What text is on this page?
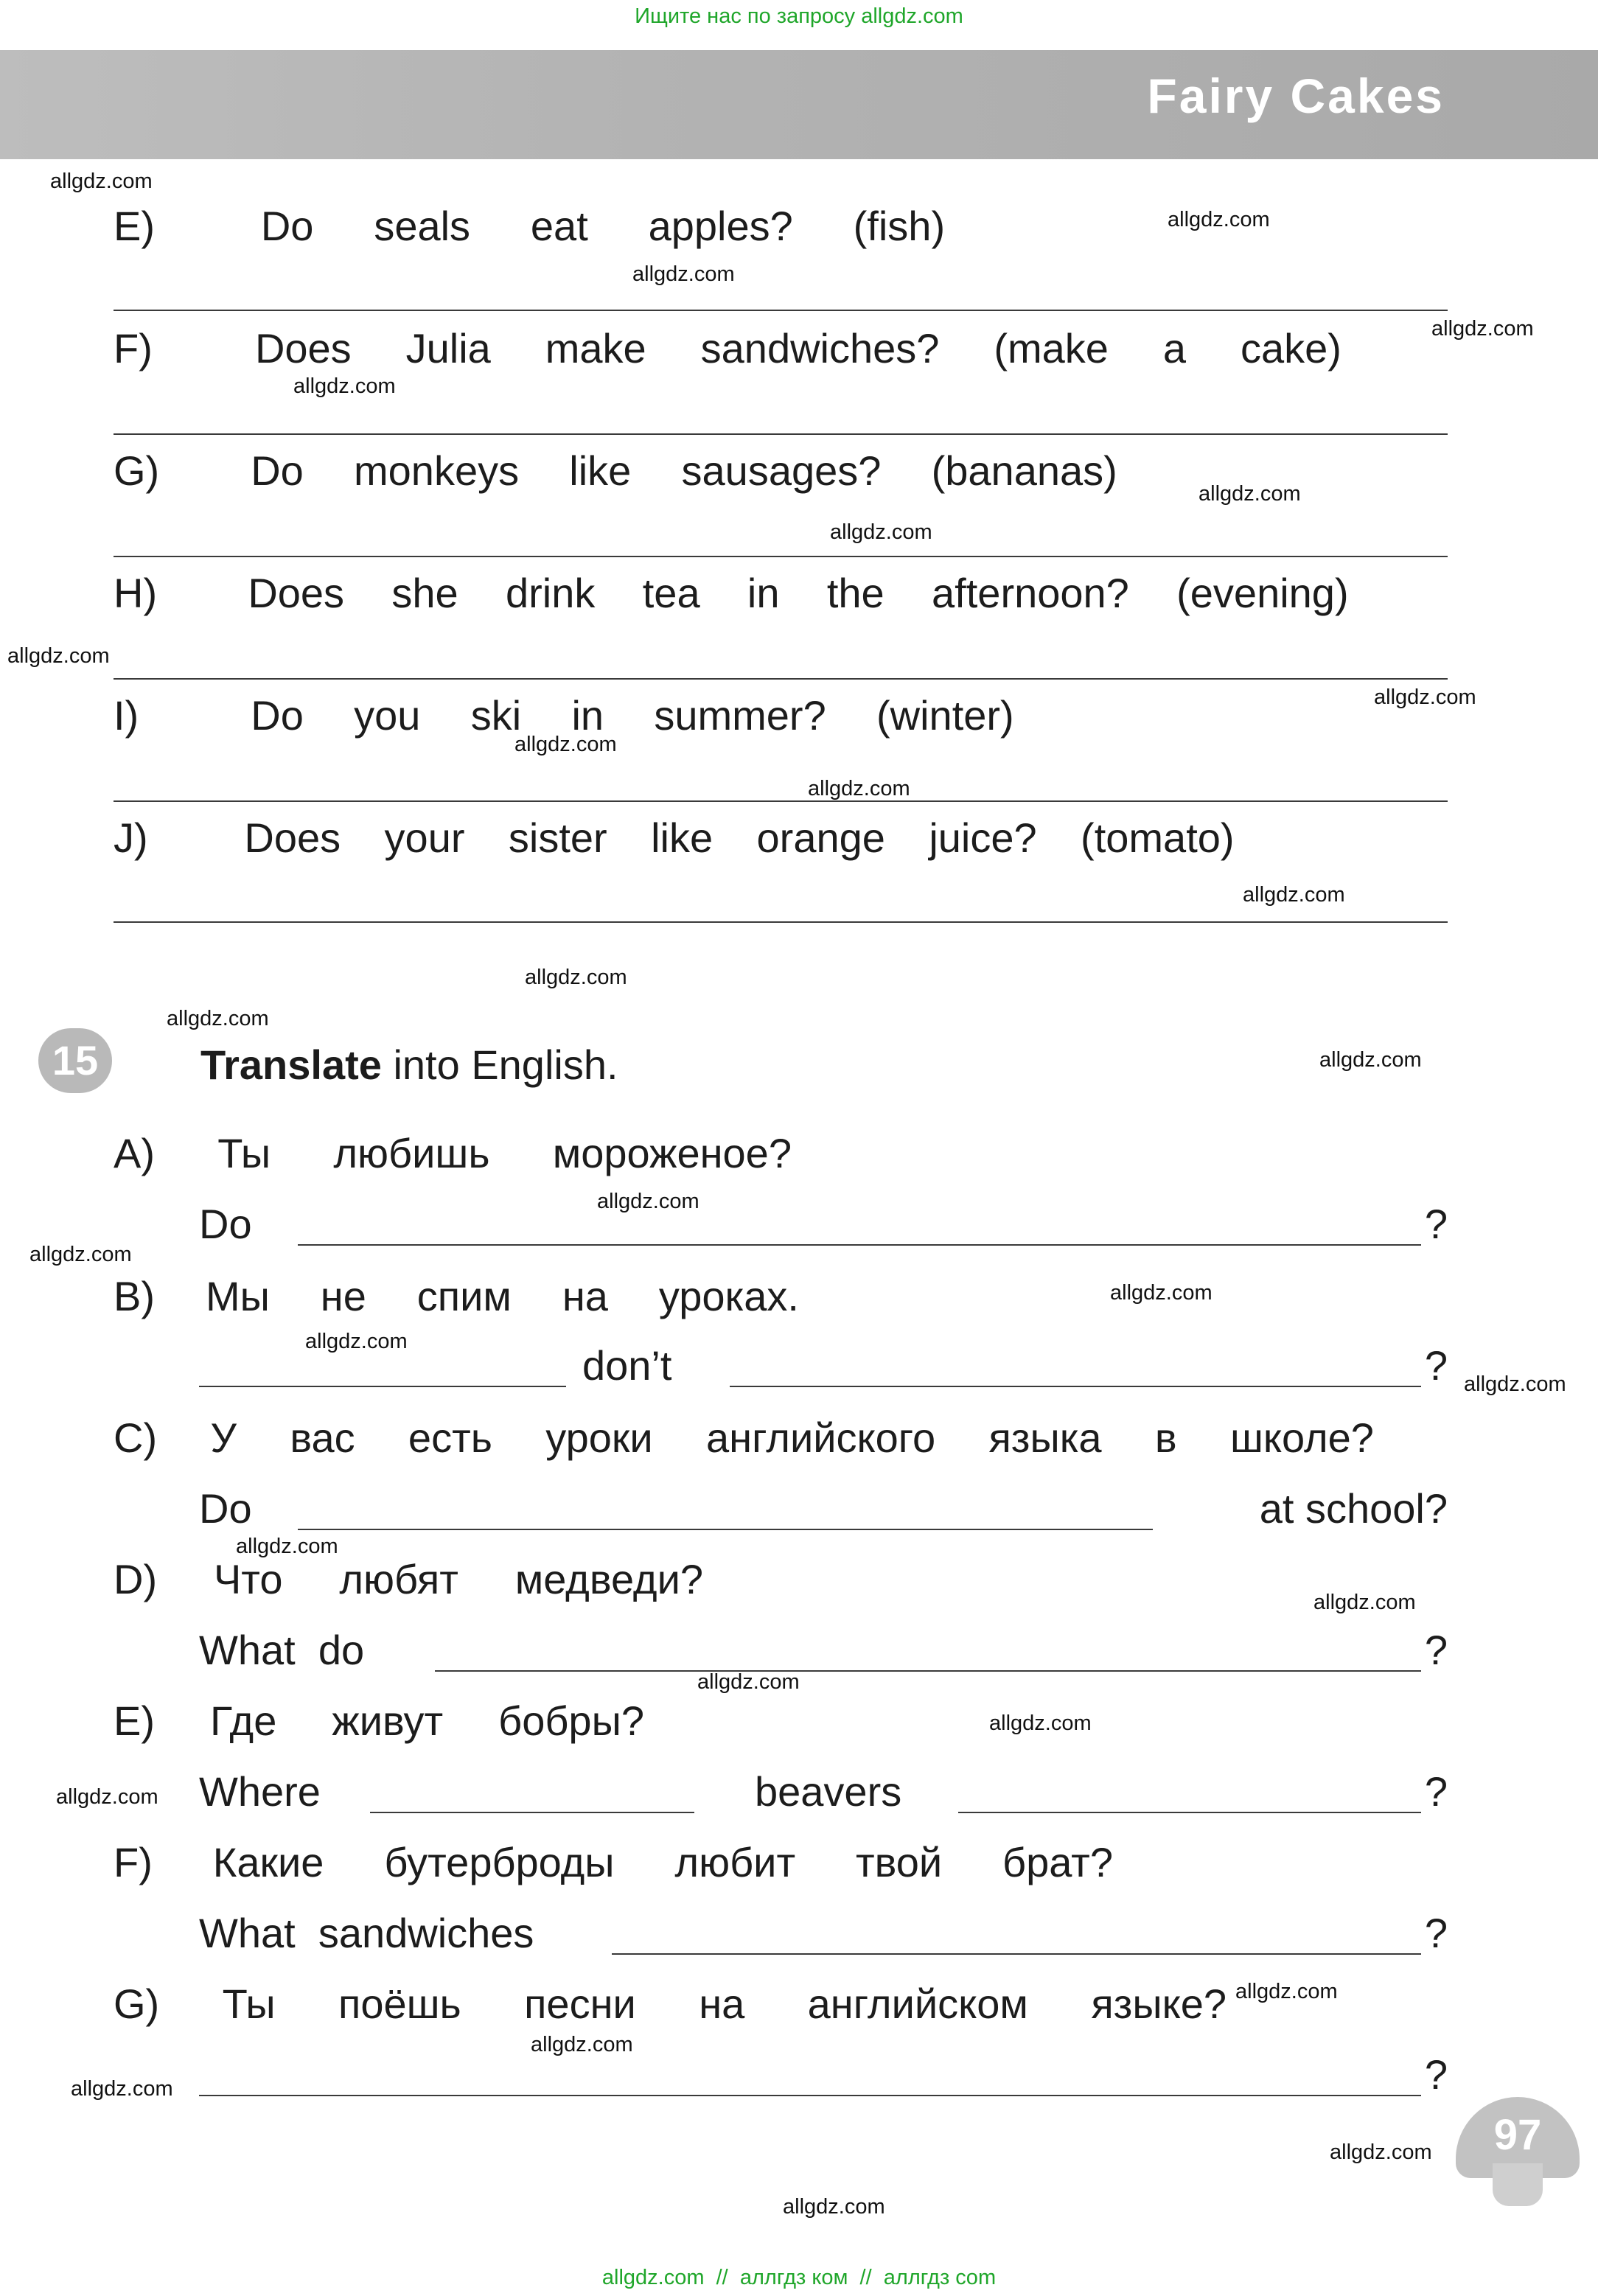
Ищите нас по запросу allgdz.com
Fairy Cakes
E)	Do seals eat apples? (fish)
F)	Does Julia make sandwiches? (make a cake)
G)	Do monkeys like sausages? (bananas)
H)	Does she drink tea in the afternoon? (evening)
I)	Do you ski in summer? (winter)
J)	Does your sister like orange juice? (tomato)
15	Translate into English.
A) Ты любишь мороженое?
Do	?
B) Мы не спим на уроках.
don’t	?
C) У вас есть уроки английского языка в школе?
Do	at school?
D) Что любят медведи?
What  do	?
E) Где живут бобры?
Where	beavers	?
F) Какие бутерброды любит твой брат?
What  sandwiches	?
G) Ты поёшь песни на английском языке?
?
97
allgdz.com
allgdz.com
allgdz.com
allgdz.com
allgdz.com
allgdz.com
allgdz.com
allgdz.com
allgdz.com
allgdz.com
allgdz.com
allgdz.com
allgdz.com
allgdz.com
allgdz.com
allgdz.com
allgdz.com
allgdz.com
allgdz.com
allgdz.com
allgdz.com
allgdz.com
allgdz.com
allgdz.com
allgdz.com
allgdz.com
allgdz.com
allgdz.com
allgdz.com
allgdz.com
allgdz.com  //  аллгдз ком  //  аллгдз com
